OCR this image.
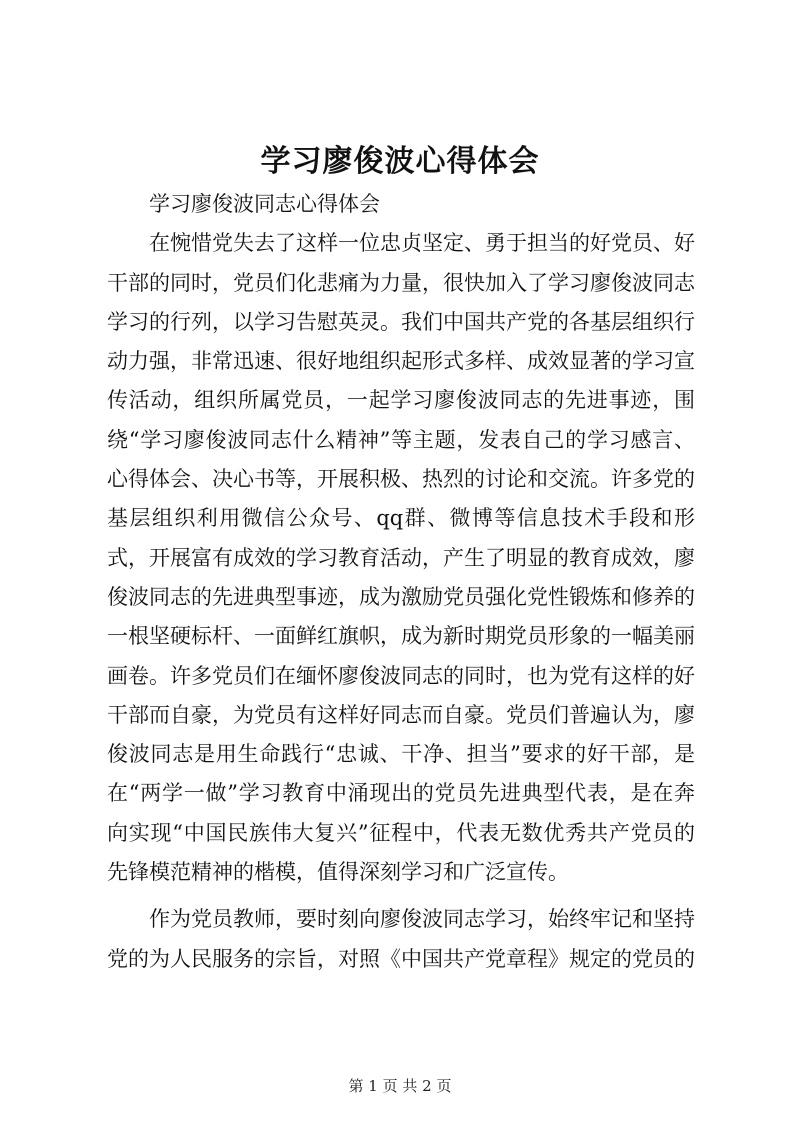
学习廖俊波心得体会

学习廖俊波同志心得体会

在惋惜党失去了这样一位忠贞坚定、勇于担当的好党员、好干部的同时，党员们化悲痛为力量，很快加入了学习廖俊波同志学习的行列，以学习告慰英灵。我们中国共产党的各基层组织行动力强，非常迅速、很好地组织起形式多样、成效显著的学习宣传活动，组织所属党员，一起学习廖俊波同志的先进事迹，围绕“学习廖俊波同志什么精神”等主题，发表自己的学习感言、心得体会、决心书等，开展积极、热烈的讨论和交流。许多党的基层组织利用微信公众号、qq群、微博等信息技术手段和形式，开展富有成效的学习教育活动，产生了明显的教育成效，廖俊波同志的先进典型事迹，成为激励党员强化党性锻炼和修养的一根坚硬标杆、一面鲜红旗帜，成为新时期党员形象的一幅美丽画卷。许多党员们在缅怀廖俊波同志的同时，也为党有这样的好干部而自豪，为党员有这样好同志而自豪。党员们普遍认为，廖俊波同志是用生命践行“忠诚、干净、担当”要求的好干部，是在“两学一做”学习教育中涌现出的党员先进典型代表，是在奔向实现“中国民族伟大复兴”征程中，代表无数优秀共产党员的先锋模范精神的楷模，值得深刻学习和广泛宣传。

作为党员教师，要时刻向廖俊波同志学习，始终牢记和坚持党的为人民服务的宗旨，对照《中国共产党章程》规定的党员的

第 1 页 共 2 页
